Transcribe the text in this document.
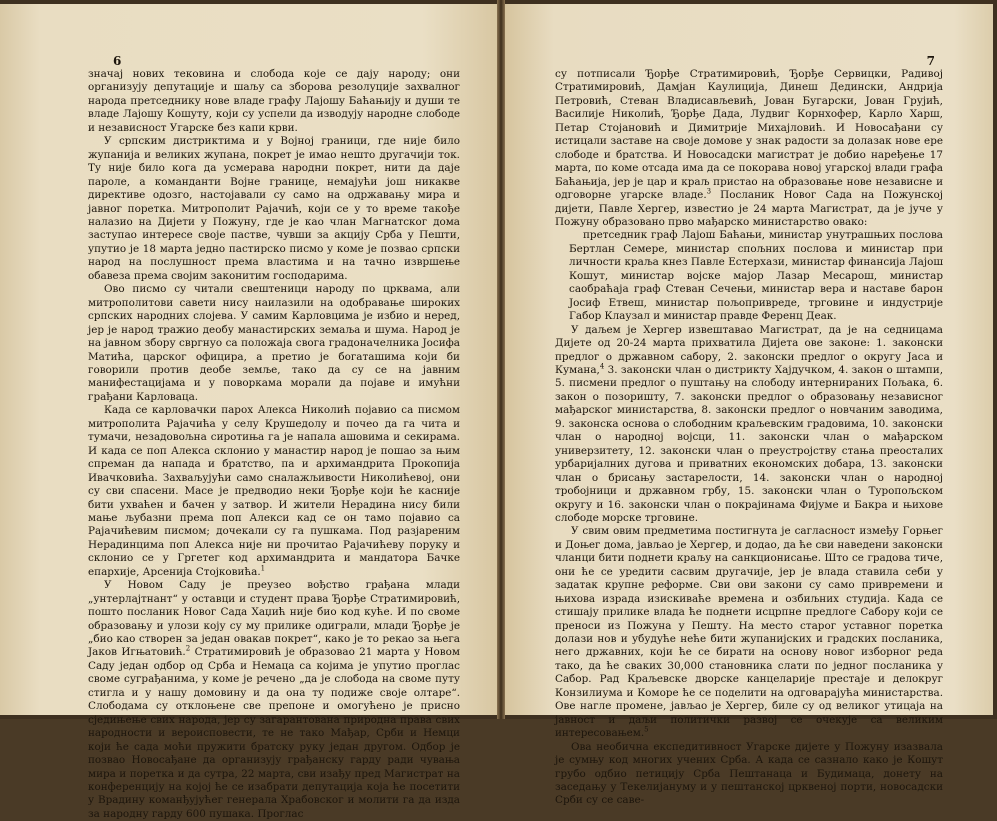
6

значај нових тековина и слобода које се дају народу; они организују депутације и шаљу са зборова резолуције захвалног народа претседнику нове владе графу Лајошу Баћањију и души те владе Лајошу Кошуту, који су успели да изводују народне слободе и независност Угарске без капи крви.

У српским дистриктима и у Војној граници, где није било жупанија и великих жупана, покрет је имао нешто другачији ток. Ту није било кога да усмерава народни покрет, нити да даје пароле, а команданти Војне границе, немајући још никакве директиве одозго, настојавали су само на одржавању мира и јавног поретка. Митрополит Рајачић, који се у то време такође налазио на Дијети у Пожуну, где је као члан Магнатског дома заступао интересе своје пастве, чувши за акцију Срба у Пешти, упутио је 18 марта једно пастирско писмо у коме је позвао српски народ на послушност према властима и на тачно извршење обавеза према својим законитим господарима.

Ово писмо су читали свештеници народу по црквама, али митрополитови савети нису наилазили на одобравање широких српских народних слојева. У самим Карловцима је избио и неред, јер је народ тражио деобу манастирских земаља и шума. Народ је на јавном збору свргнуо са положаја свога градоначелника Јосифа Матића, царског официра, а претио је богаташима који би говорили против деобе земље, тако да су се на јавним манифестацијама и у поворкама морали да појаве и имућни грађани Карловаца.

Када се карловачки парох Алекса Николић појавио са писмом митрополита Рајачића у селу Крушедолу и почео да га чита и тумачи, незадовољна сиротиња га је напала ашовима и секирама. И када се поп Алекса склонио у манастир народ је пошао за њим спреман да напада и братство, па и архимандрита Прокопија Ивачковића. Захваљујући само сналажљивости Николићевој, они су сви спасени. Масе је предводио неки Ђорђе који ће касније бити ухваћен и бачен у затвор. И жители Нерадина нису били мање љубазни према поп Алекси кад се он тамо појавио са Рајачићевим писмом; дочекали су га пушкама. Под разјареним Нерадинцима поп Алекса није ни прочитао Рајачићеву поруку и склонио се у Гргетег код архимандрита и мандатора Бачке епархије, Арсенија Стојковића.$^1$

У Новом Саду је преузео вођство грађана млади „унтерлајтнант“ у оставци и студент права Ђорђе Стратимировић, пошто посланик Новог Сада Хаџић није био код куће. И по своме образовању и улози коју су му прилике одиграли, млади Ђорђе је „био као створен за један овакав покрет“, како је то рекао за њега Јаков Игњатовић.$^2$ Стратимировић је образовао 21 марта у Новом Саду један одбор од Срба и Немаца са којима је упутио проглас своме суграђанима, у коме је речено „да је слобода на своме путу стигла и у нашу домовину и да она ту подиже своје олтаре“. Слободама су отклоњене све препоне и омогућено је присно сједињење свих народа, јер су загарантована природна права свих народности и вероисповести, те не тако Мађар, Срби и Немци који ће сада моћи пружити братску руку један другом. Одбор је позвао Новосађане да организују грађанску гарду ради чувања мира и поретка и да сутра, 22 марта, сви изађу пред Магистрат на конференцију на којој ће се изабрати депутација која ће посетити у Врадину команђујућег генерала Храбовског и молити га да изда за народну гарду 600 пушака. Проглас

7

су потписали Ђорђе Стратимировић, Ђорђе Сервицки, Радивој Стратимировић, Дамјан Каулиција, Динеш Дедински, Андрија Петровић, Стеван Владисављевић, Јован Бугарски, Јован Грујић, Василије Николић, Ђорђе Дада, Лудвиг Корнхофер, Карло Харш, Петар Стојановић и Димитрије Михајловић. И Новосађани су истицали заставе на своје домове у знак радости за долазак нове ере слободе и братства. И Новосадски магистрат је добио наређење 17 марта, по коме отсада има да се покорава новој угарској влади графа Баћањија, јер је цар и краљ пристао на образовање нове независне и одговорне угарске владе.$^3$ Посланик Новог Сада на Пожунској дијети, Павле Хергер, известио је 24 марта Магистрат, да је јуче у Пожуну образовано прво мађарско министарство овако:

претседник граф Лајош Баћањи, министар унутрашњих послова Бертлан Семере, министар спољних послова и министар при личности краља кнез Павле Естерхази, министар финансија Лајош Кошут, министар војске мајор Лазар Месарош, министар саобраћаја граф Стеван Сечењи, министар вера и наставе барон Јосиф Етвеш, министар пољопривреде, трговине и индустрије Габор Клаузал и министар правде Ференц Деак.

У даљем је Хергер извештавао Магистрат, да је на седницама Дијете од 20-24 марта прихватила Дијета ове законе: 1. законски предлог о државном сабору, 2. законски предлог о округу Јаса и Кумана,$^4$ 3. законски члан о дистрикту Хајдучком, 4. закон о штампи, 5. писмени предлог о пуштању на слободу интернираних Пољака, 6. закон о позоришту, 7. законски предлог о образовању независног мађарског министарства, 8. законски предлог о новчаним заводима, 9. законска основа о слободним краљевским градовима, 10. законски члан о народној војсци, 11. законски члан о мађарском универзитету, 12. законски члан о преустројству стања преосталих урбаријалних дугова и приватних економских добара, 13. законски члан о брисању застарелости, 14. законски члан о народној тробојници и државном грбу, 15. законски члан о Туропољском округу и 16. законски члан о покрајинама Фијуме и Бакра и њихове слободе морске трговине.

У свим овим предметима постигнута је сагласност између Горњег и Доњег дома, јављао је Хергер, и додао, да ће сви наведени законски чланци бити поднети краљу на санкционисање. Што се градова тиче, они ће се уредити сасвим другачије, јер је влада ставила себи у задатак крупне реформе. Сви ови закони су само привремени и њихова израда изискиваће времена и озбиљних студија. Када се стишају прилике влада ће поднети исцрпне предлоге Сабору који се преноси из Пожуна у Пешту. На место старог уставног поретка долази нов и убудуће неће бити жупанијских и градских посланика, него државних, који ће се бирати на основу новог изборног реда тако, да ће сваких 30,000 становника слати по једног посланика у Сабор. Рад Краљевске дворске канцеларије престаје и делокруг Конзилиума и Коморе ће се поделити на одговарајућа министарства. Ове нагле промене, јављао је Хергер, биле су од великог утицаја на јавност и даљи политички развој се очекује са великим интересовањем.$^5$

Ова необична експедитивност Угарске дијете у Пожуну изазвала је сумњу код многих учених Срба. А када се сазнало како је Кошут грубо одбио петицију Срба Пештанаца и Будимаца, донету на заседању у Текелијануму и у пештанској црквеној порти, новосадски Срби су се саве-
